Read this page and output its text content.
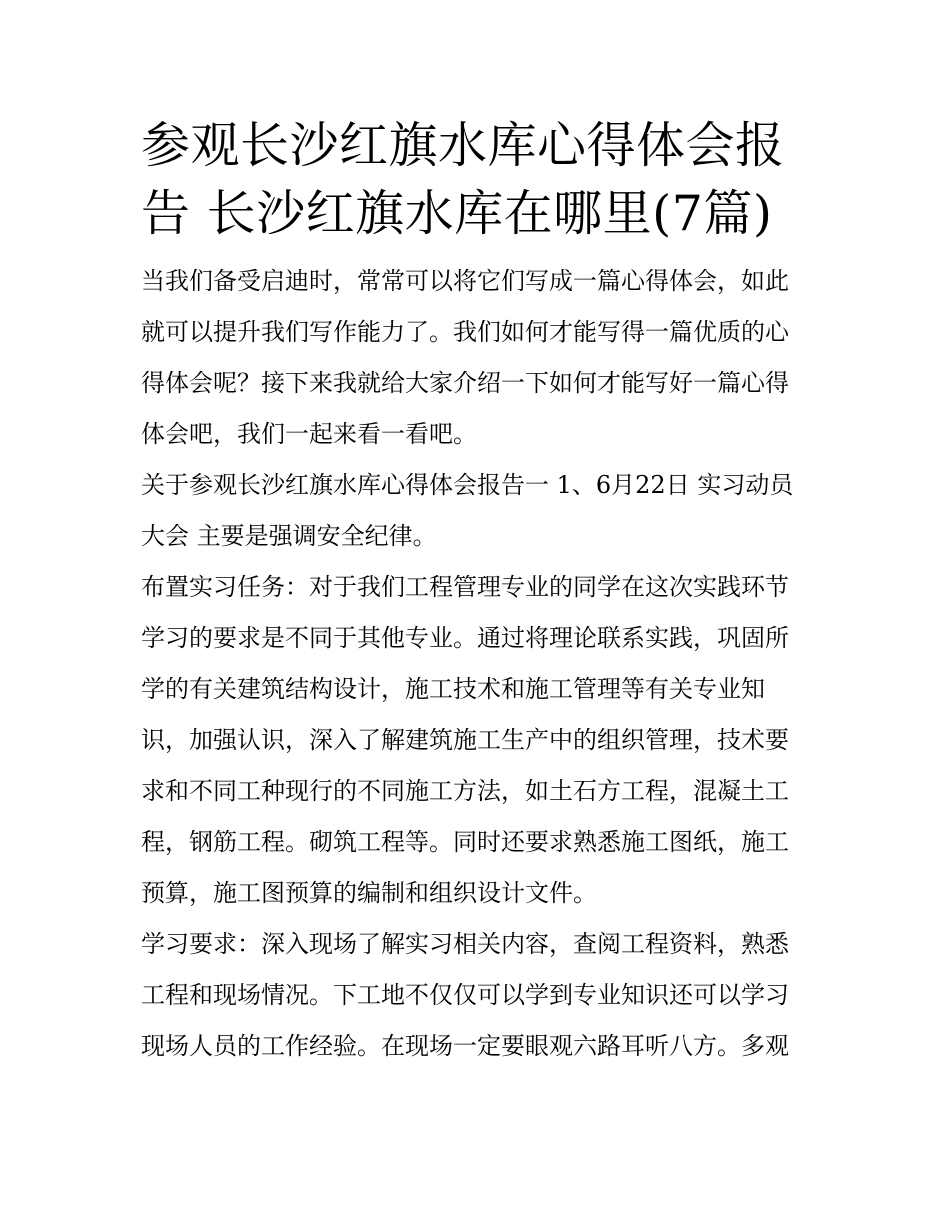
参观长沙红旗水库心得体会报告 长沙红旗水库在哪里(7篇)

当我们备受启迪时，常常可以将它们写成一篇心得体会，如此就可以提升我们写作能力了。我们如何才能写得一篇优质的心得体会呢？接下来我就给大家介绍一下如何才能写好一篇心得体会吧，我们一起来看一看吧。

关于参观长沙红旗水库心得体会报告一 1、6月22日 实习动员大会 主要是强调安全纪律。

布置实习任务：对于我们工程管理专业的同学在这次实践环节学习的要求是不同于其他专业。通过将理论联系实践，巩固所学的有关建筑结构设计，施工技术和施工管理等有关专业知识，加强认识，深入了解建筑施工生产中的组织管理，技术要求和不同工种现行的不同施工方法，如土石方工程，混凝土工程，钢筋工程。砌筑工程等。同时还要求熟悉施工图纸，施工预算，施工图预算的编制和组织设计文件。

学习要求：深入现场了解实习相关内容，查阅工程资料，熟悉工程和现场情况。下工地不仅仅可以学到专业知识还可以学习现场人员的工作经验。在现场一定要眼观六路耳听八方。多观
